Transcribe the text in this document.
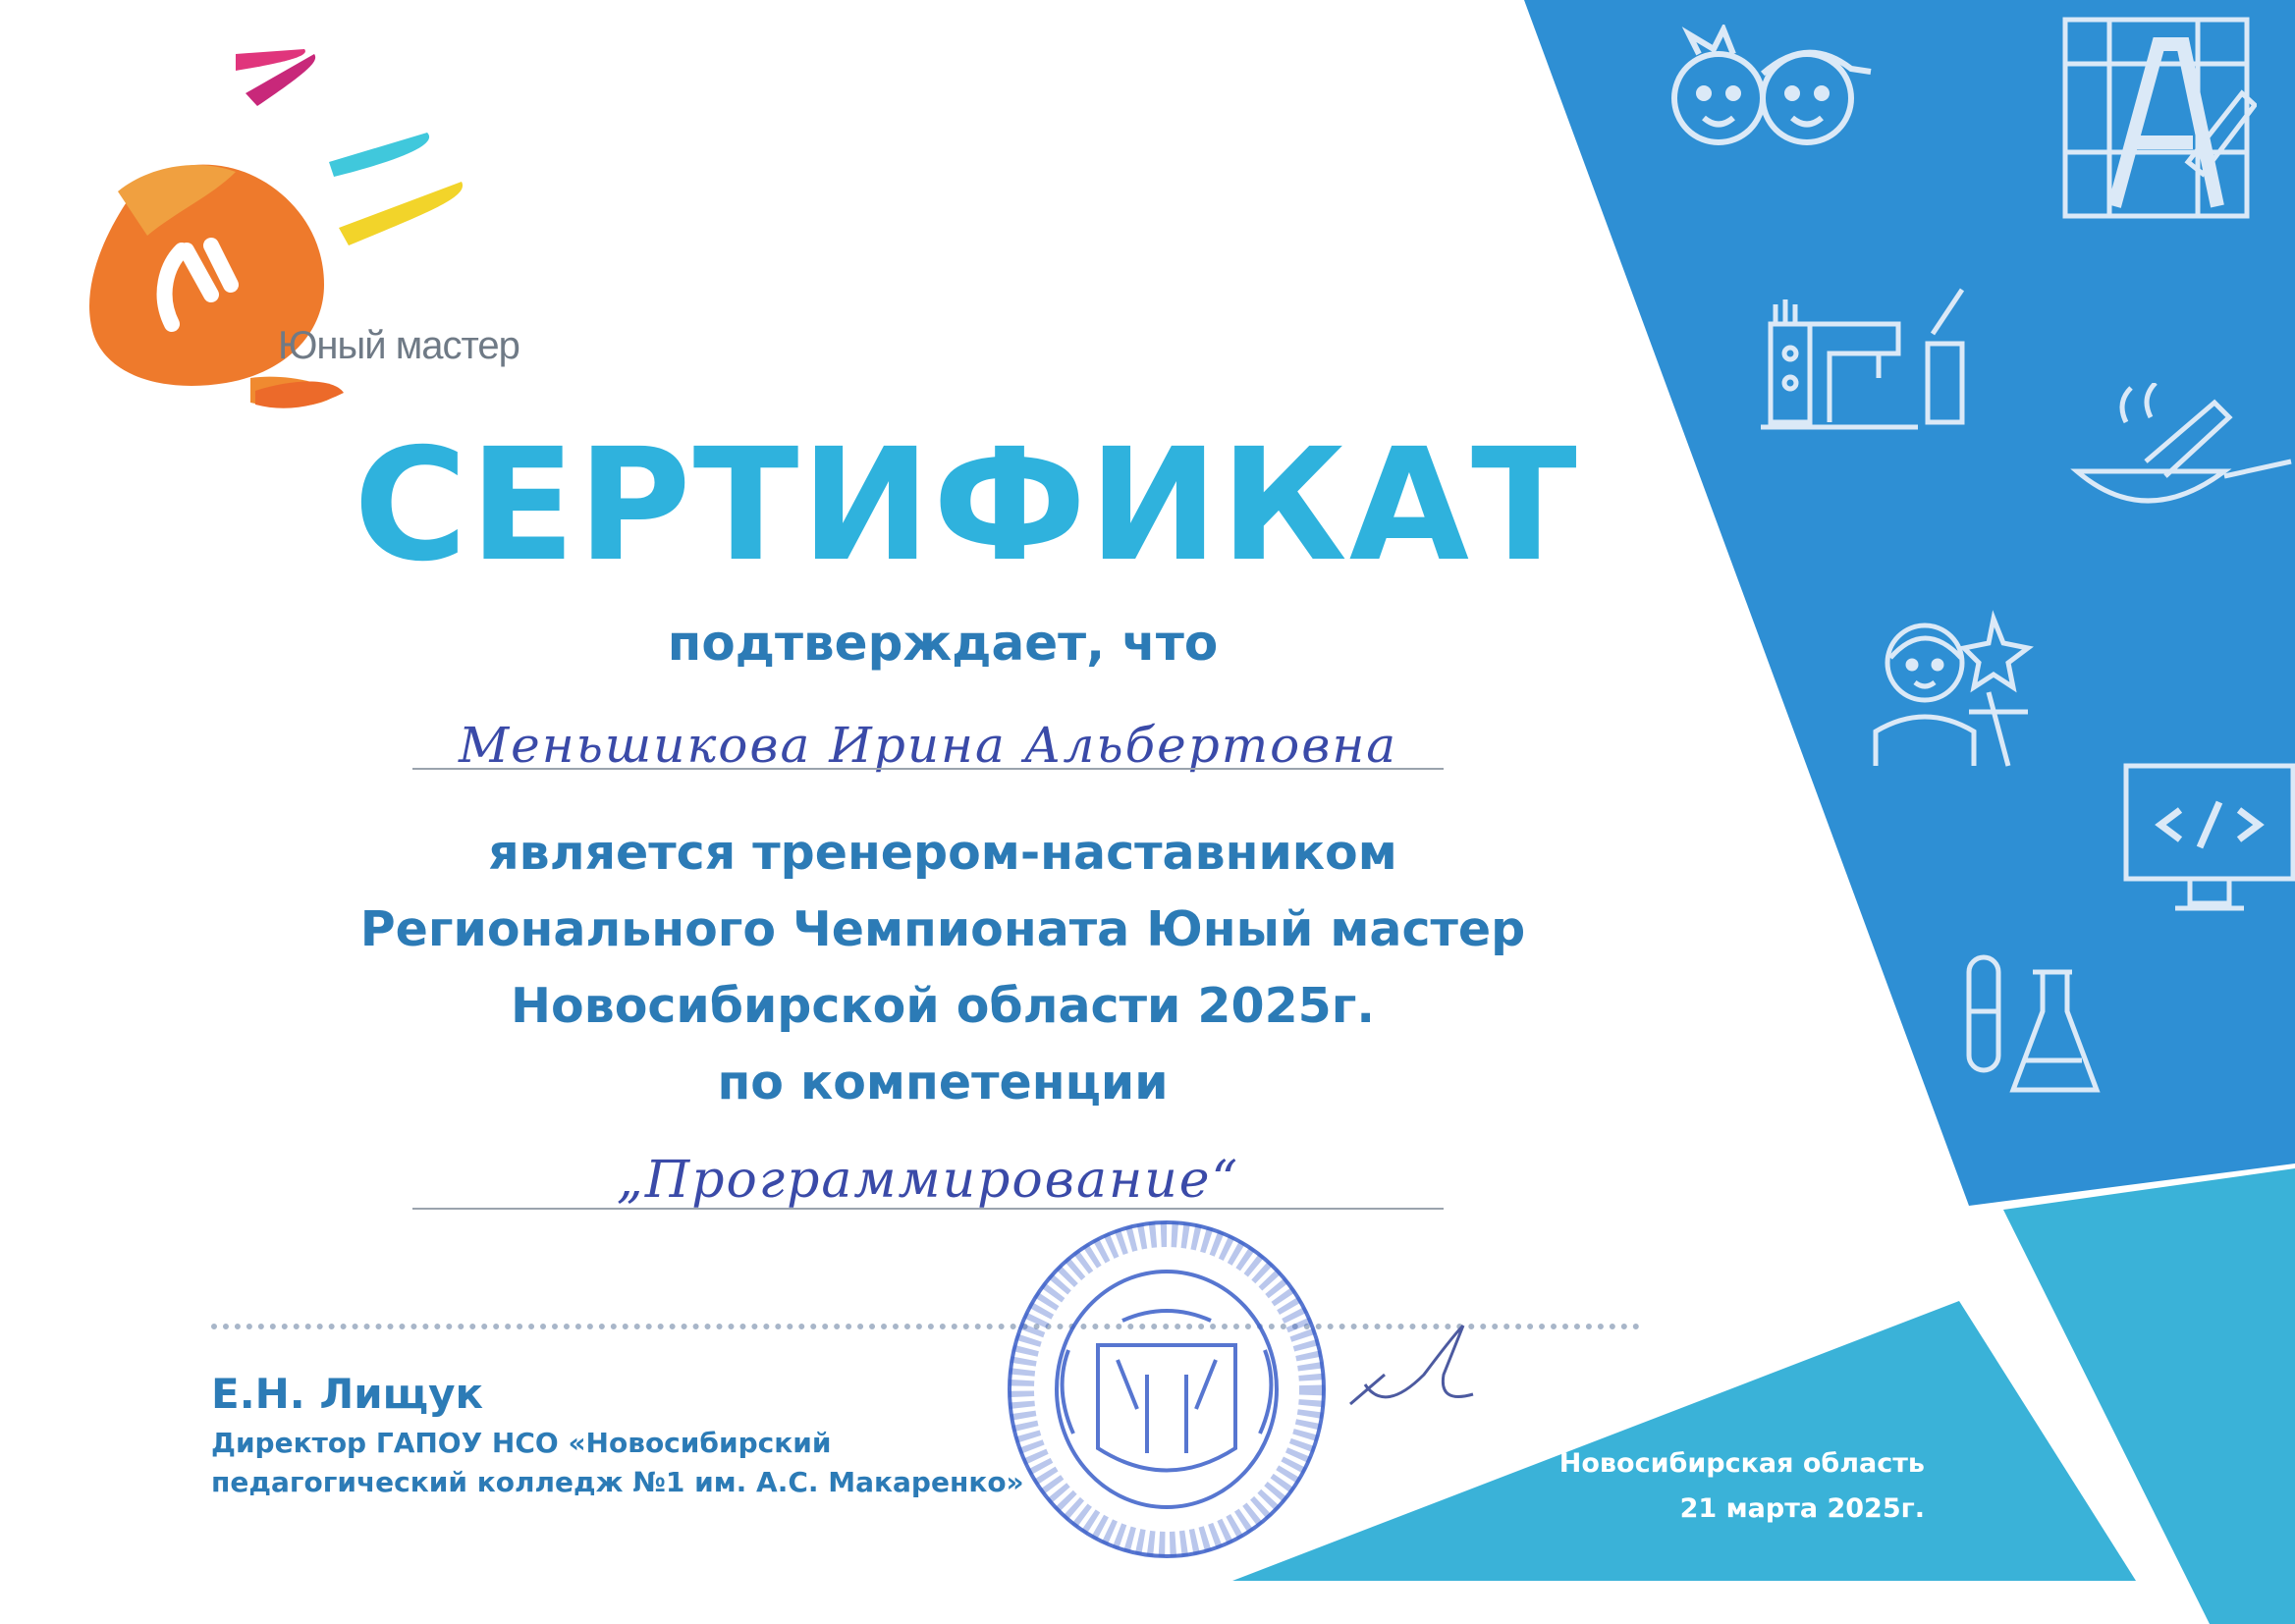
Юный мастер
СЕРТИФИКАТ
подтверждает, что
Меньшикова Ирина Альбертовна
является тренером-наставником
Регионального Чемпионата Юный мастер
Новосибирской области 2025г.
по компетенции
„Программирование“
Е.Н. Лищук
Директор ГАПОУ НСО «Новосибирский
педагогический колледж №1 им. А.С. Макаренко»
Новосибирская область
21 марта 2025г.
